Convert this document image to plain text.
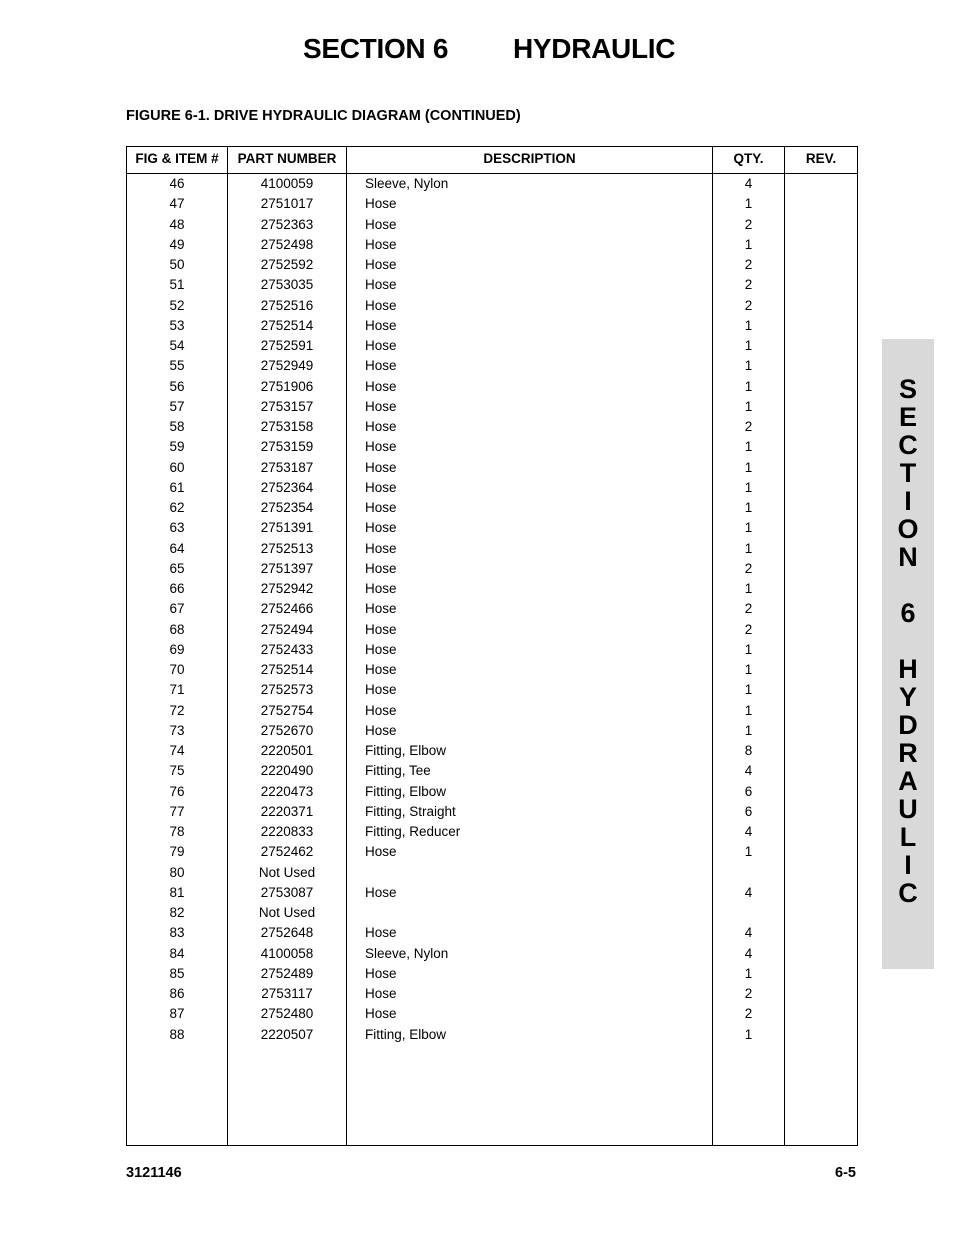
SECTION 6 HYDRAULIC
FIGURE 6-1. DRIVE HYDRAULIC DIAGRAM (CONTINUED)
FIG & ITEM #	PART NUMBER	DESCRIPTION	QTY.	REV.
46	4100059	Sleeve, Nylon	4
47	2751017	Hose	1
48	2752363	Hose	2
49	2752498	Hose	1
50	2752592	Hose	2
51	2753035	Hose	2
52	2752516	Hose	2
53	2752514	Hose	1
54	2752591	Hose	1
55	2752949	Hose	1
56	2751906	Hose	1
57	2753157	Hose	1
58	2753158	Hose	2
59	2753159	Hose	1
60	2753187	Hose	1
61	2752364	Hose	1
62	2752354	Hose	1
63	2751391	Hose	1
64	2752513	Hose	1
65	2751397	Hose	2
66	2752942	Hose	1
67	2752466	Hose	2
68	2752494	Hose	2
69	2752433	Hose	1
70	2752514	Hose	1
71	2752573	Hose	1
72	2752754	Hose	1
73	2752670	Hose	1
74	2220501	Fitting, Elbow	8
75	2220490	Fitting, Tee	4
76	2220473	Fitting, Elbow	6
77	2220371	Fitting, Straight	6
78	2220833	Fitting, Reducer	4
79	2752462	Hose	1
80	Not Used
81	2753087	Hose	4
82	Not Used
83	2752648	Hose	4
84	4100058	Sleeve, Nylon	4
85	2752489	Hose	1
86	2753117	Hose	2
87	2752480	Hose	2
88	2220507	Fitting, Elbow	1
S
E
C
T
I
O
N

6

H
Y
D
R
A
U
L
I
C
3121146	6-5
